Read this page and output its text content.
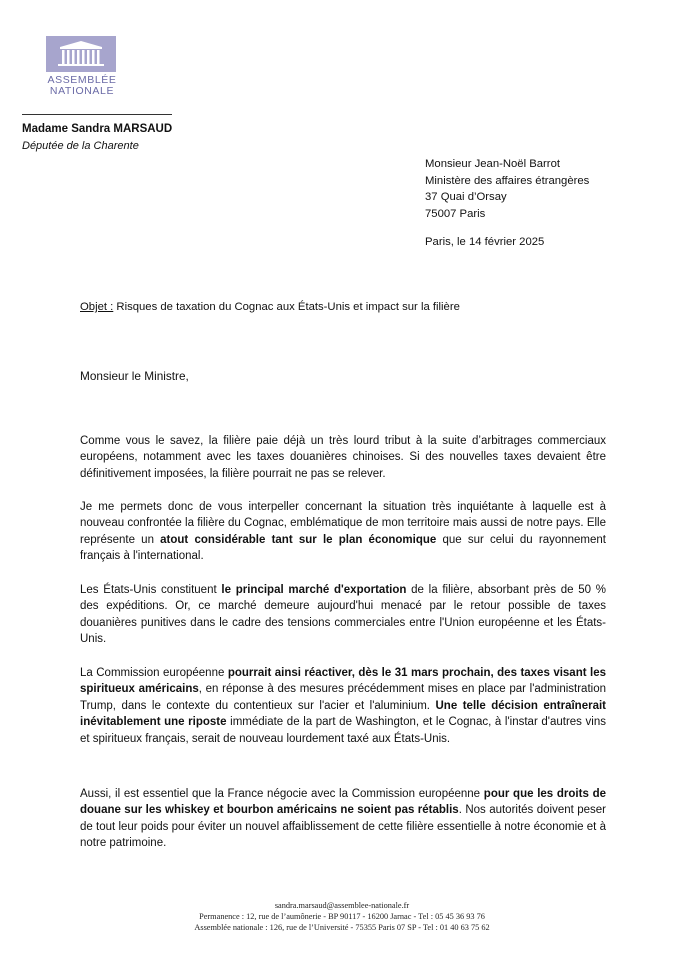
ASSEMBLÉE
NATIONALE
Madame Sandra MARSAUD
Députée de la Charente
Monsieur Jean-Noël Barrot
Ministère des affaires étrangères
37 Quai d’Orsay
75007 Paris
Paris, le 14 février 2025
Objet : Risques de taxation du Cognac aux États-Unis et impact sur la filière
Monsieur le Ministre,
Comme vous le savez, la filière paie déjà un très lourd tribut à la suite d’arbitrages commerciaux européens, notamment avec les taxes douanières chinoises. Si des nouvelles taxes devaient être définitivement imposées, la filière pourrait ne pas se relever.
Je me permets donc de vous interpeller concernant la situation très inquiétante à laquelle est à nouveau confrontée la filière du Cognac, emblématique de mon territoire mais aussi de notre pays. Elle représente un atout considérable tant sur le plan économique que sur celui du rayonnement français à l'international.
Les États-Unis constituent le principal marché d'exportation de la filière, absorbant près de 50 % des expéditions. Or, ce marché demeure aujourd'hui menacé par le retour possible de taxes douanières punitives dans le cadre des tensions commerciales entre l'Union européenne et les États-Unis.
La Commission européenne pourrait ainsi réactiver, dès le 31 mars prochain, des taxes visant les spiritueux américains, en réponse à des mesures précédemment mises en place par l'administration Trump, dans le contexte du contentieux sur l'acier et l'aluminium. Une telle décision entraînerait inévitablement une riposte immédiate de la part de Washington, et le Cognac, à l'instar d'autres vins et spiritueux français, serait de nouveau lourdement taxé aux États-Unis.
Aussi, il est essentiel que la France négocie avec la Commission européenne pour que les droits de douane sur les whiskey et bourbon américains ne soient pas rétablis. Nos autorités doivent peser de tout leur poids pour éviter un nouvel affaiblissement de cette filière essentielle à notre économie et à notre patrimoine.
sandra.marsaud@assemblee-nationale.fr
Permanence : 12, rue de l’aumônerie - BP 90117 - 16200 Jarnac - Tel : 05 45 36 93 76
Assemblée nationale : 126, rue de l’Université - 75355 Paris 07 SP - Tel : 01 40 63 75 62
